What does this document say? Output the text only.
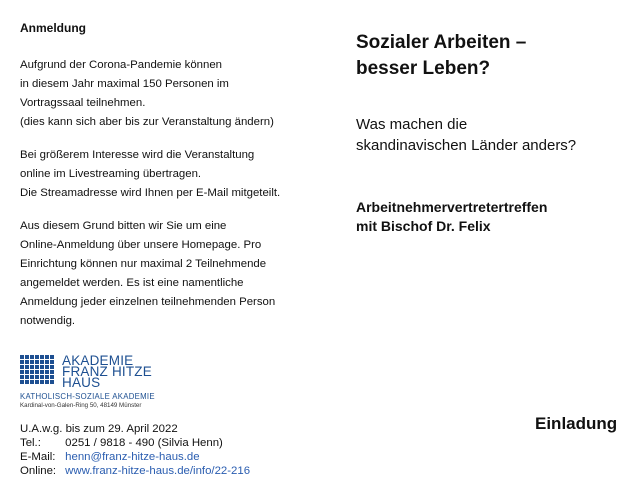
Anmeldung
Aufgrund der Corona-Pandemie können
in diesem Jahr maximal 150 Personen im
Vortragssaal teilnehmen.
(dies kann sich aber bis zur Veranstaltung ändern)
Bei größerem Interesse wird die Veranstaltung
online im Livestreaming übertragen.
Die Streamadresse wird Ihnen per E-Mail mitgeteilt.
Aus diesem Grund bitten wir Sie um eine
Online-Anmeldung über unsere Homepage. Pro
Einrichtung können nur maximal 2 Teilnehmende
angemeldet werden. Es ist eine namentliche
Anmeldung jeder einzelnen teilnehmenden Person
notwendig.
AKADEMIE
FRANZ HITZE
HAUS
KATHOLISCH-SOZIALE AKADEMIE
Kardinal-von-Galen-Ring 50, 48149 Münster
U.A.w.g. bis zum 29. April 2022
Tel.: 0251 / 9818 - 490 (Silvia Henn)
E-Mail: henn@franz-hitze-haus.de
Online: www.franz-hitze-haus.de/info/22-216
Sozialer Arbeiten –
besser Leben?
Was machen die
skandinavischen Länder anders?
Arbeitnehmervertretertreffen
mit Bischof Dr. Felix
Einladung
